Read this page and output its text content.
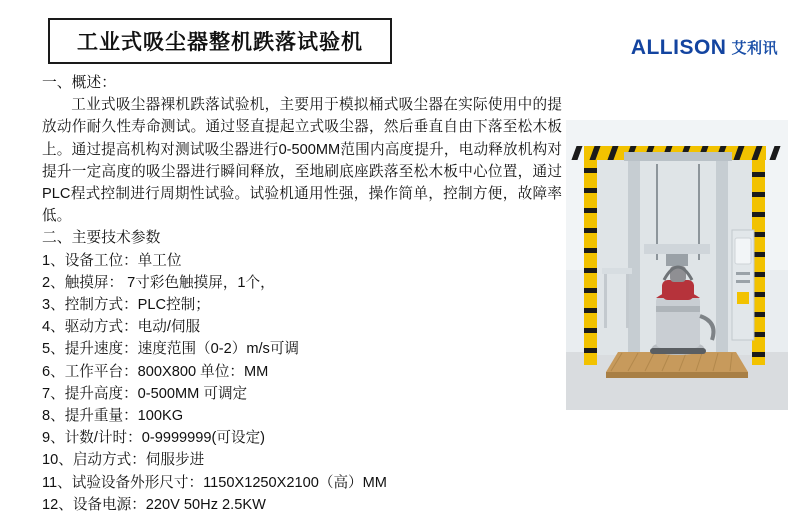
工业式吸尘器整机跌落试验机	ALLISON 艾利讯
一、概述：
工业式吸尘器裸机跌落试验机，主要用于模拟桶式吸尘器在实际使用中的提放动作耐久性寿命测试。通过竖直提起立式吸尘器，然后垂直自由下落至松木板上。通过提高机构对测试吸尘器进行0-500MM范围内高度提升，电动释放机构对提升一定高度的吸尘器进行瞬间释放，至地刷底座跌落至松木板中心位置，通过PLC程式控制进行周期性试验。试验机通用性强，操作简单，控制方便，故障率低。
二、主要技术参数
1、设备工位：单工位
2、触摸屏： 7寸彩色触摸屏，1个，
3、控制方式：PLC控制；
4、驱动方式：电动/伺服
5、提升速度：速度范围（0-2）m/s可调
6、工作平台：800X800 单位：MM
7、提升高度：0-500MM 可调定
8、提升重量：100KG
9、计数/计时：0-9999999(可设定)
10、启动方式：伺服步进
11、试验设备外形尺寸：1150X1250X2100（高）MM
12、设备电源：220V 50Hz 2.5KW
